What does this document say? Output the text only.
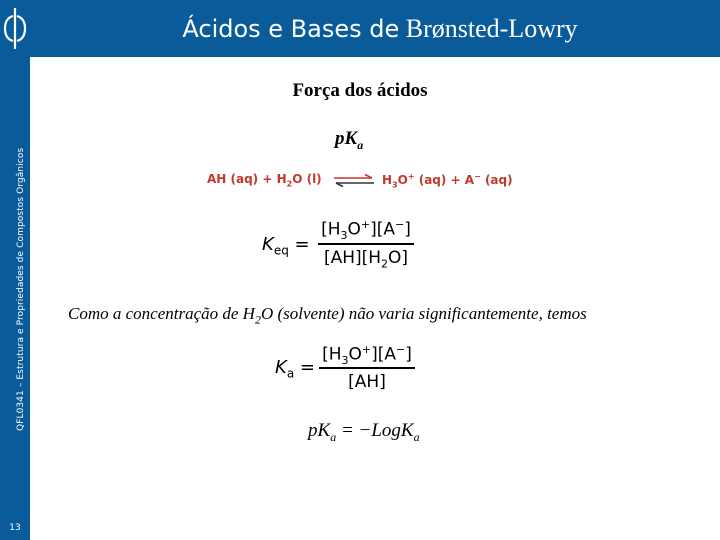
Ácidos e Bases de Brønsted-Lowry
QFL0341 – Estrutura e Propriedades de Compostos Orgânicos
13
Força dos ácidos
$pK_a$
AH $(aq) + H_2O$ (l) ⇌ $H_3O^+$ (aq) + A− (aq)
$K_{eq}$ =
$[H_3O^+][A^-]$
$[AH][H_2O]$
Como a concentração de $H_2O$ (solvente) não varia significantemente, temos
$K_a$ =
$[H_3O^+][A^-]$
[AH]
$pK_a$ = −LogK$_a$
